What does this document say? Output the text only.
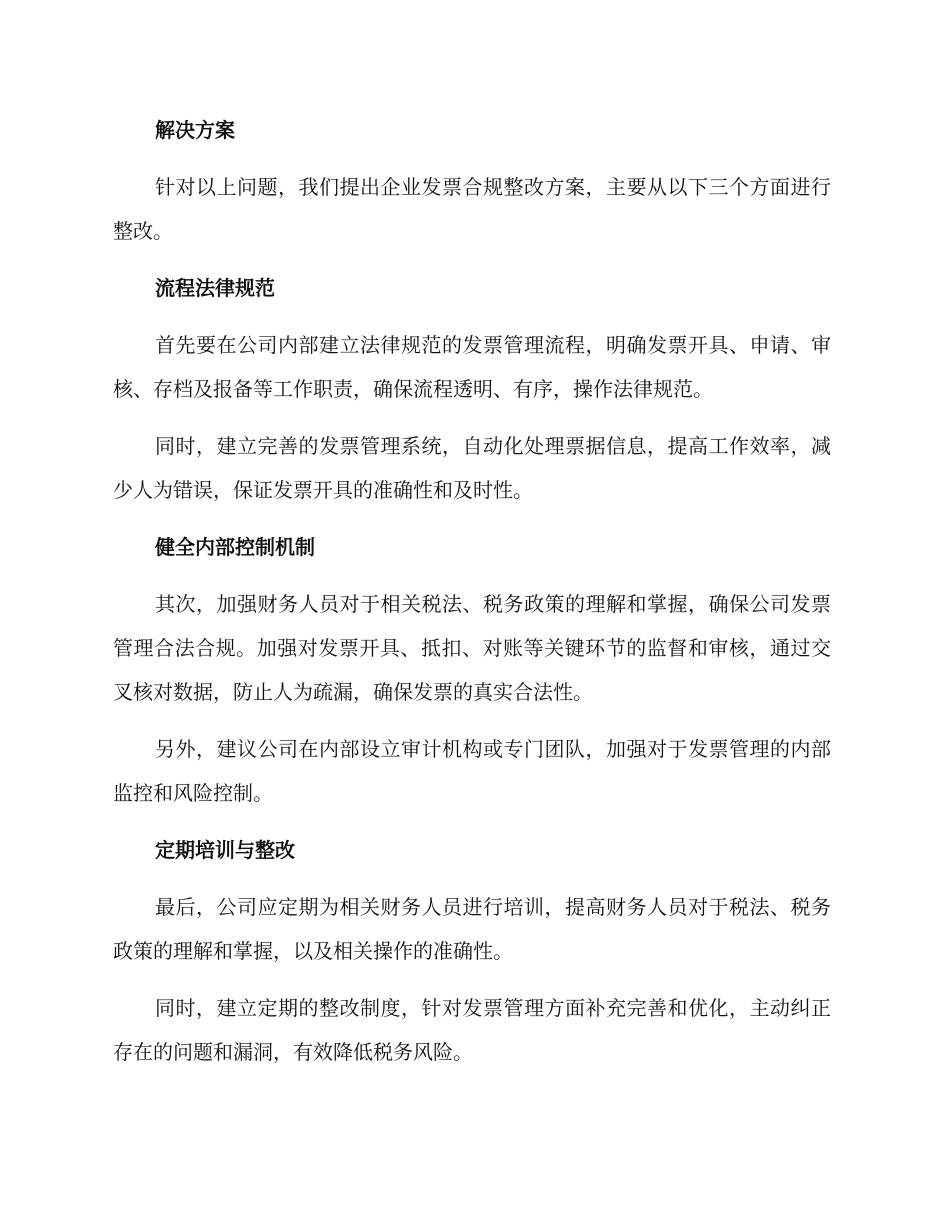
解决方案

针对以上问题，我们提出企业发票合规整改方案，主要从以下三个方面进行整改。

流程法律规范

首先要在公司内部建立法律规范的发票管理流程，明确发票开具、申请、审核、存档及报备等工作职责，确保流程透明、有序，操作法律规范。

同时，建立完善的发票管理系统，自动化处理票据信息，提高工作效率，减少人为错误，保证发票开具的准确性和及时性。

健全内部控制机制

其次，加强财务人员对于相关税法、税务政策的理解和掌握，确保公司发票管理合法合规。加强对发票开具、抵扣、对账等关键环节的监督和审核，通过交叉核对数据，防止人为疏漏，确保发票的真实合法性。

另外，建议公司在内部设立审计机构或专门团队，加强对于发票管理的内部监控和风险控制。

定期培训与整改

最后，公司应定期为相关财务人员进行培训，提高财务人员对于税法、税务政策的理解和掌握，以及相关操作的准确性。

同时，建立定期的整改制度，针对发票管理方面补充完善和优化，主动纠正存在的问题和漏洞，有效降低税务风险。
